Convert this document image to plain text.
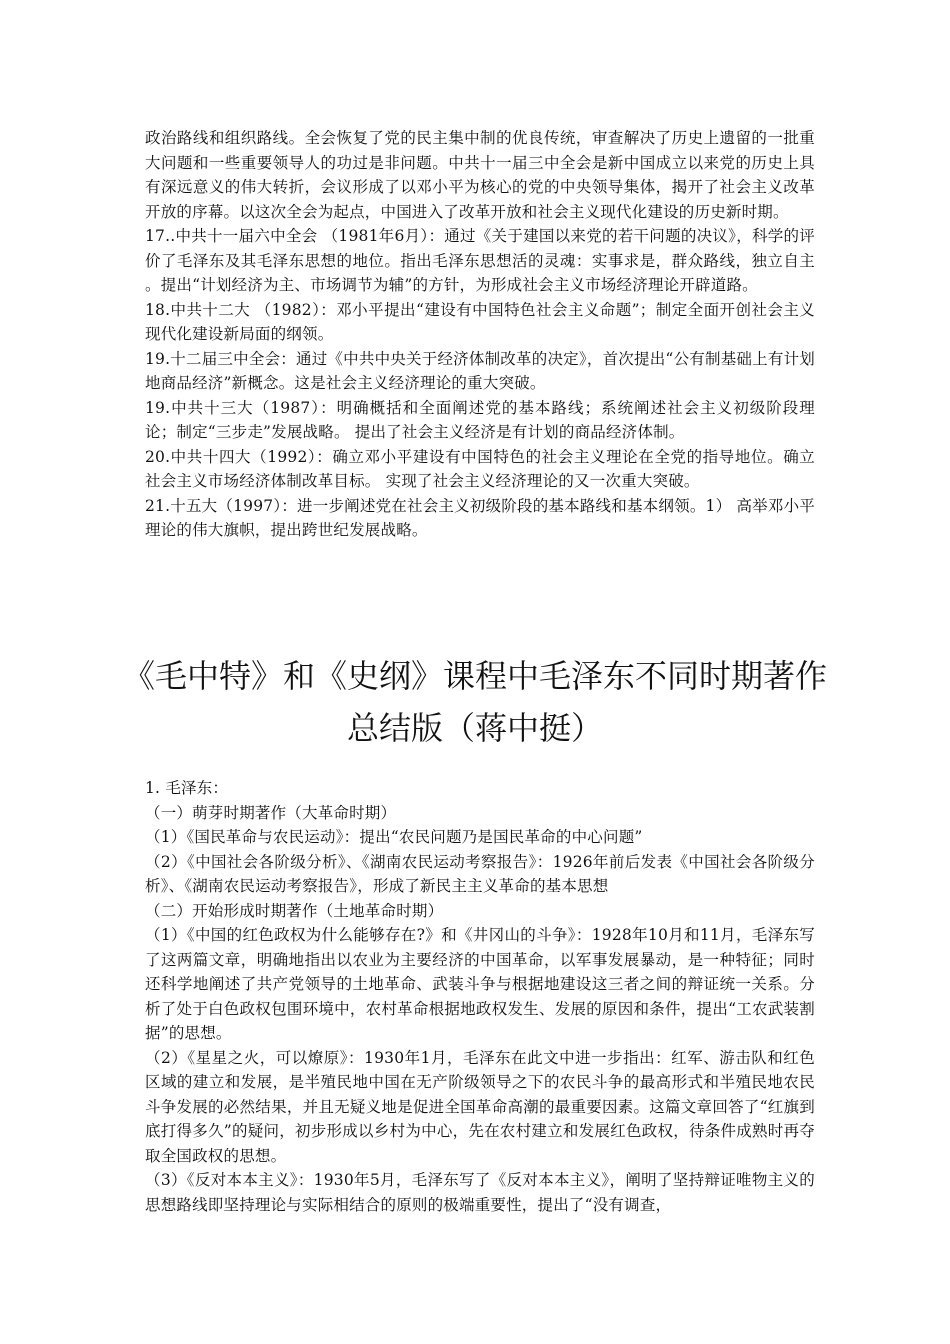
政治路线和组织路线。全会恢复了党的民主集中制的优良传统，审查解决了历史上遗留的一批重大问题和一些重要领导人的功过是非问题。中共十一届三中全会是新中国成立以来党的历史上具有深远意义的伟大转折，会议形成了以邓小平为核心的党的中央领导集体，揭开了社会主义改革开放的序幕。以这次全会为起点，中国进入了改革开放和社会主义现代化建设的历史新时期。

17..中共十一届六中全会 （1981年6月）：通过《关于建国以来党的若干问题的决议》，科学的评价了毛泽东及其毛泽东思想的地位。指出毛泽东思想活的灵魂：实事求是，群众路线，独立自主 。提出“计划经济为主、市场调节为辅”的方针，为形成社会主义市场经济理论开辟道路。

18.中共十二大 （1982）：邓小平提出“建设有中国特色社会主义命题”；制定全面开创社会主义现代化建设新局面的纲领。

19.十二届三中全会：通过《中共中央关于经济体制改革的决定》，首次提出“公有制基础上有计划地商品经济”新概念。这是社会主义经济理论的重大突破。

19.中共十三大（1987）：明确概括和全面阐述党的基本路线；系统阐述社会主义初级阶段理论；制定“三步走”发展战略。 提出了社会主义经济是有计划的商品经济体制。

20.中共十四大（1992）：确立邓小平建设有中国特色的社会主义理论在全党的指导地位。确立社会主义市场经济体制改革目标。 实现了社会主义经济理论的又一次重大突破。

21.十五大（1997）：进一步阐述党在社会主义初级阶段的基本路线和基本纲领。1） 高举邓小平理论的伟大旗帜，提出跨世纪发展战略。

《毛中特》和《史纲》课程中毛泽东不同时期著作总结版（蒋中挺）

1. 毛泽东：

（一）萌芽时期著作（大革命时期）

（1）《国民革命与农民运动》：提出“农民问题乃是国民革命的中心问题”

（2）《中国社会各阶级分析》、《湖南农民运动考察报告》：1926年前后发表《中国社会各阶级分析》、《湖南农民运动考察报告》，形成了新民主主义革命的基本思想

（二）开始形成时期著作（土地革命时期）

（1）《中国的红色政权为什么能够存在?》和《井冈山的斗争》：1928年10月和11月，毛泽东写了这两篇文章，明确地指出以农业为主要经济的中国革命，以军事发展暴动，是一种特征；同时还科学地阐述了共产党领导的土地革命、武装斗争与根据地建设这三者之间的辩证统一关系。分析了处于白色政权包围环境中，农村革命根据地政权发生、发展的原因和条件，提出“工农武装割据”的思想。

（2）《星星之火，可以燎原》：1930年1月，毛泽东在此文中进一步指出：红军、游击队和红色区域的建立和发展，是半殖民地中国在无产阶级领导之下的农民斗争的最高形式和半殖民地农民斗争发展的必然结果，并且无疑义地是促进全国革命高潮的最重要因素。这篇文章回答了“红旗到底打得多久”的疑问，初步形成以乡村为中心，先在农村建立和发展红色政权，待条件成熟时再夺取全国政权的思想。

（3）《反对本本主义》：1930年5月，毛泽东写了《反对本本主义》，阐明了坚持辩证唯物主义的思想路线即坚持理论与实际相结合的原则的极端重要性，提出了“没有调查，
